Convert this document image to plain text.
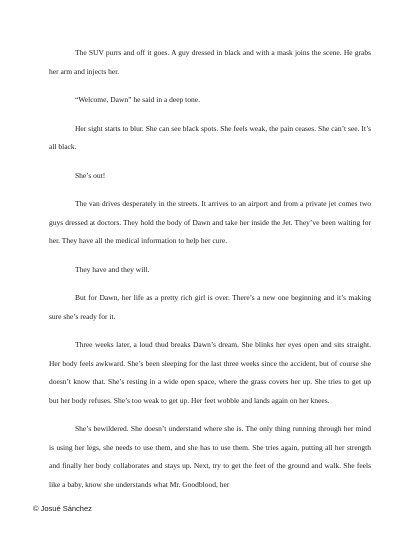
The SUV purrs and off it goes. A guy dressed in black and with a mask joins the scene. He grabs her arm and injects her.

“Welcome, Dawn” he said in a deep tone.

Her sight starts to blur. She can see black spots. She feels weak, the pain ceases. She can’t see. It’s all black.

She’s out!

The van drives desperately in the streets. It arrives to an airport and from a private jet comes two guys dressed at doctors. They hold the body of Dawn and take her inside the Jet. They’ve been waiting for her. They have all the medical information to help her cure.

They have and they will.

But for Dawn, her life as a pretty rich girl is over. There’s a new one beginning and it’s making sure she’s ready for it.

Three weeks later, a loud thud breaks Dawn’s dream. She blinks her eyes open and sits straight. Her body feels awkward. She’s been sleeping for the last three weeks since the accident, but of course she doesn’t know that. She’s resting in a wide open space, where the grass covers her up. She tries to get up but her body refuses. She’s too weak to get up. Her feet wobble and lands again on her knees.

She’s bewildered. She doesn’t understand where she is. The only thing running through her mind is using her legs, she needs to use them, and she has to use them. She tries again, putting all her strength and finally her body collaborates and stays up. Next, try to get the feet of the ground and walk. She feels like a baby, know she understands what Mr. Goodblood, her

© Josué Sánchez
